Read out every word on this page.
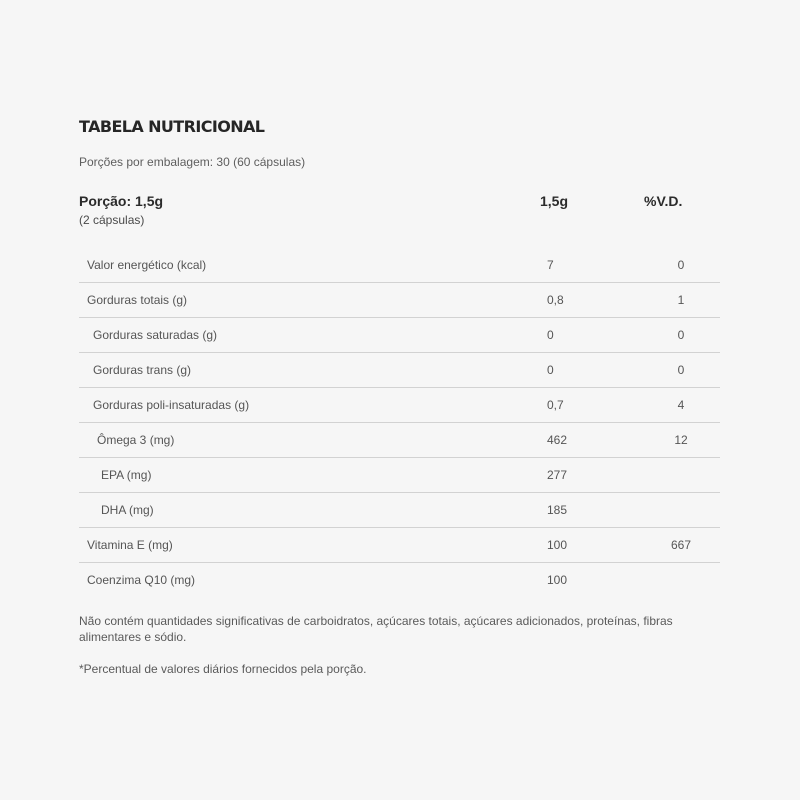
TABELA NUTRICIONAL
Porções por embalagem: 30 (60 cápsulas)
Porção: 1,5g
(2 cápsulas)
1,5g	%V.D.
Valor energético (kcal)	7	0
Gorduras totais (g)	0,8	1
Gorduras saturadas (g)	0	0
Gorduras trans (g)	0	0
Gorduras poli-insaturadas (g)	0,7	4
Ômega 3 (mg)	462	12
EPA (mg)	277
DHA (mg)	185
Vitamina E (mg)	100	667
Coenzima Q10 (mg)	100
Não contém quantidades significativas de carboidratos, açúcares totais, açúcares adicionados, proteínas, fibras alimentares e sódio.
*Percentual de valores diários fornecidos pela porção.
